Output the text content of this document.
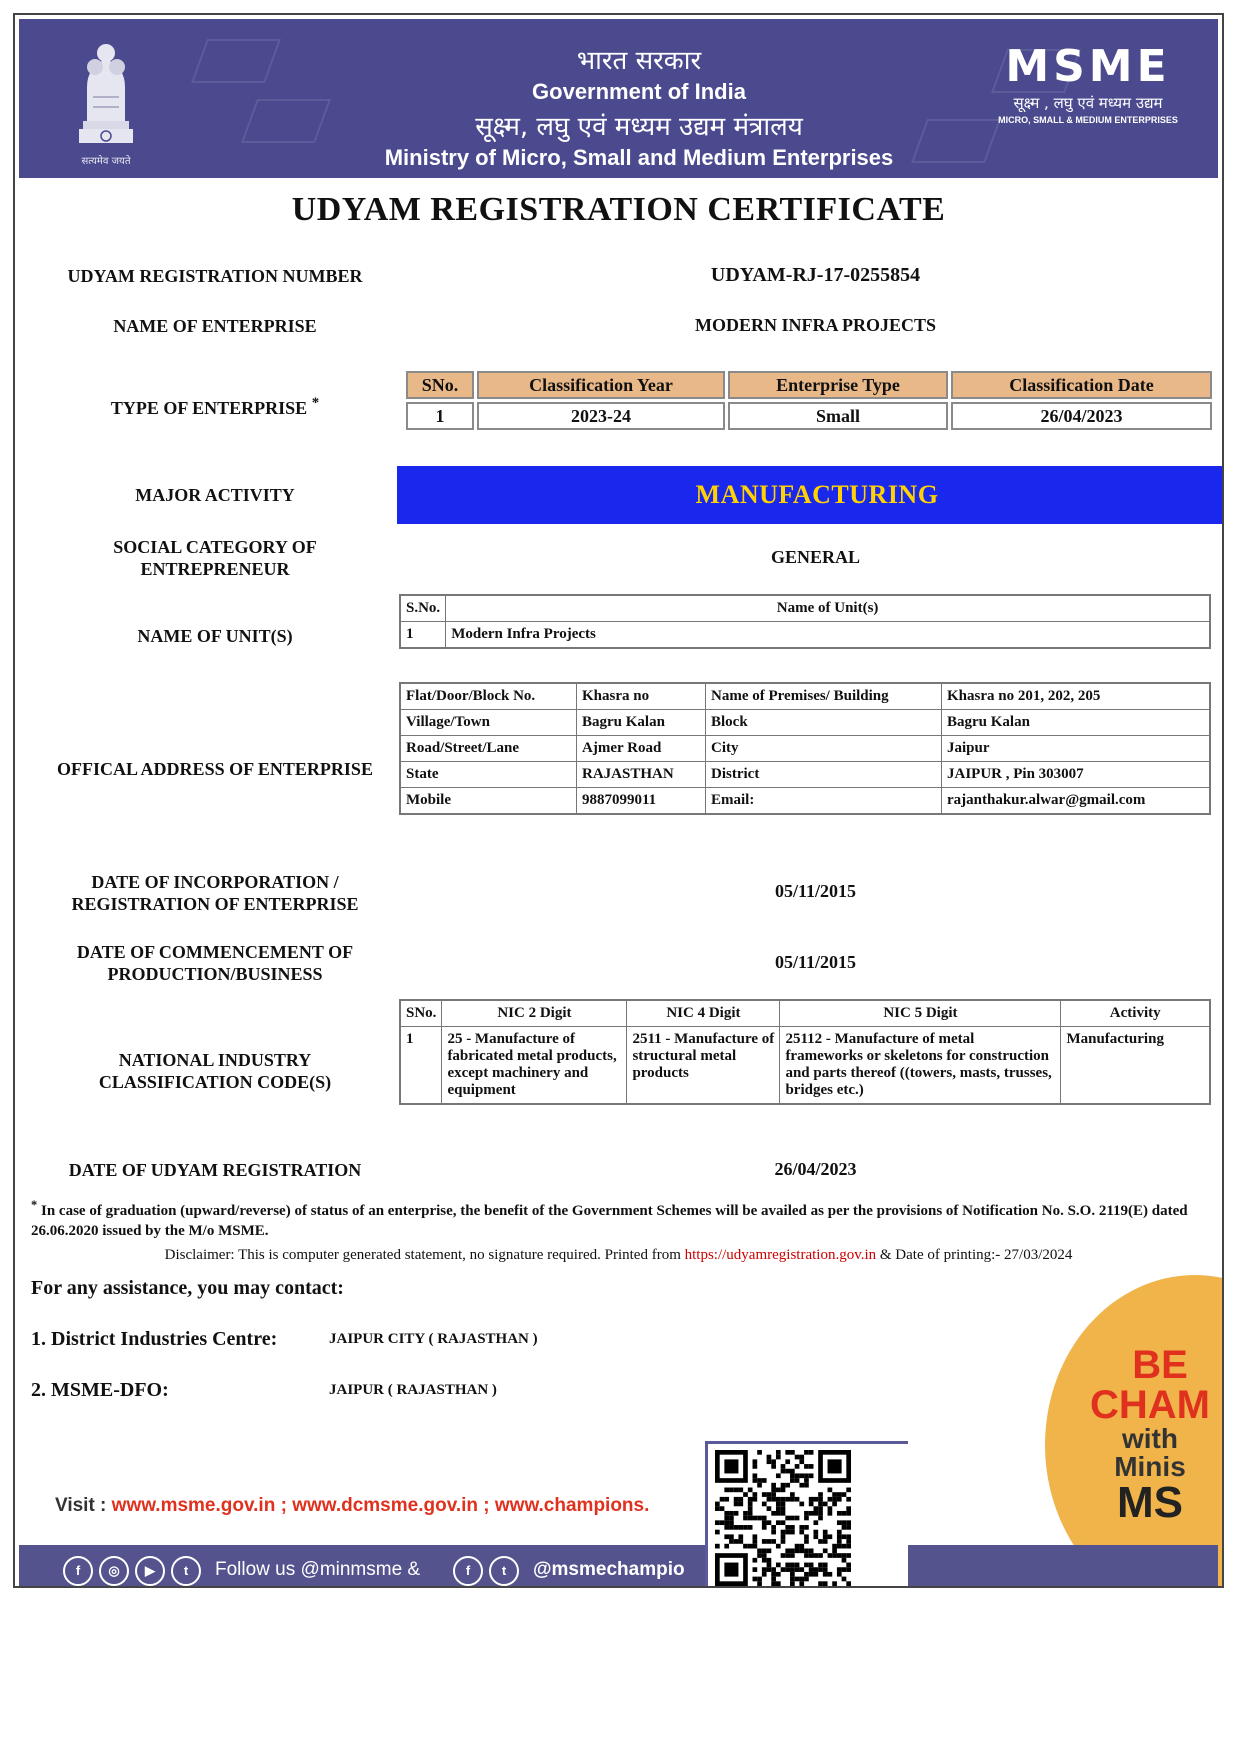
सत्यमेव जयते
भारत सरकार
Government of India
सूक्ष्म, लघु एवं मध्यम उद्यम मंत्रालय
Ministry of Micro, Small and Medium Enterprises
MSME
सूक्ष्म , लघु एवं मध्यम उद्यम
MICRO, SMALL & MEDIUM ENTERPRISES
UDYAM REGISTRATION CERTIFICATE
UDYAM REGISTRATION NUMBER	UDYAM-RJ-17-0255854
NAME OF ENTERPRISE	MODERN INFRA PROJECTS
TYPE OF ENTERPRISE *
SNo.	Classification Year	Enterprise Type	Classification Date
1	2023-24	Small	26/04/2023
MAJOR ACTIVITY	MANUFACTURING
SOCIAL CATEGORY OF
ENTREPRENEUR
GENERAL
NAME OF UNIT(S)
S.No.	Name of Unit(s)
1	Modern Infra Projects
OFFICAL ADDRESS OF ENTERPRISE
Flat/Door/Block No.	Khasra no	Name of Premises/ Building	Khasra no 201, 202, 205
Village/Town	Bagru Kalan	Block	Bagru Kalan
Road/Street/Lane	Ajmer Road	City	Jaipur
State	RAJASTHAN	District	JAIPUR , Pin 303007
Mobile	9887099011	Email:	rajanthakur.alwar@gmail.com
DATE OF INCORPORATION /
REGISTRATION OF ENTERPRISE
05/11/2015
DATE OF COMMENCEMENT OF
PRODUCTION/BUSINESS
05/11/2015
NATIONAL INDUSTRY
CLASSIFICATION CODE(S)
SNo.	NIC 2 Digit	NIC 4 Digit	NIC 5 Digit	Activity
1	25 - Manufacture of fabricated metal products, except machinery and equipment	2511 - Manufacture of structural metal products	25112 - Manufacture of metal frameworks or skeletons for construction and parts thereof ((towers, masts, trusses, bridges etc.)	Manufacturing
DATE OF UDYAM REGISTRATION	26/04/2023
* In case of graduation (upward/reverse) of status of an enterprise, the benefit of the Government Schemes will be availed as per the provisions of Notification No. S.O. 2119(E) dated 26.06.2020 issued by the M/o MSME.
Disclaimer: This is computer generated statement, no signature required. Printed from https://udyamregistration.gov.in & Date of printing:- 27/03/2024
BE
CHAM
with
Minis
MS
For any assistance, you may contact:
1. District Industries Centre:	JAIPUR CITY ( RAJASTHAN )
2. MSME-DFO:	JAIPUR ( RAJASTHAN )
Visit : www.msme.gov.in ; www.dcmsme.gov.in ; www.champions.
f	◎	▶	t	Follow us @minmsme &	f	t	@msmechampio
